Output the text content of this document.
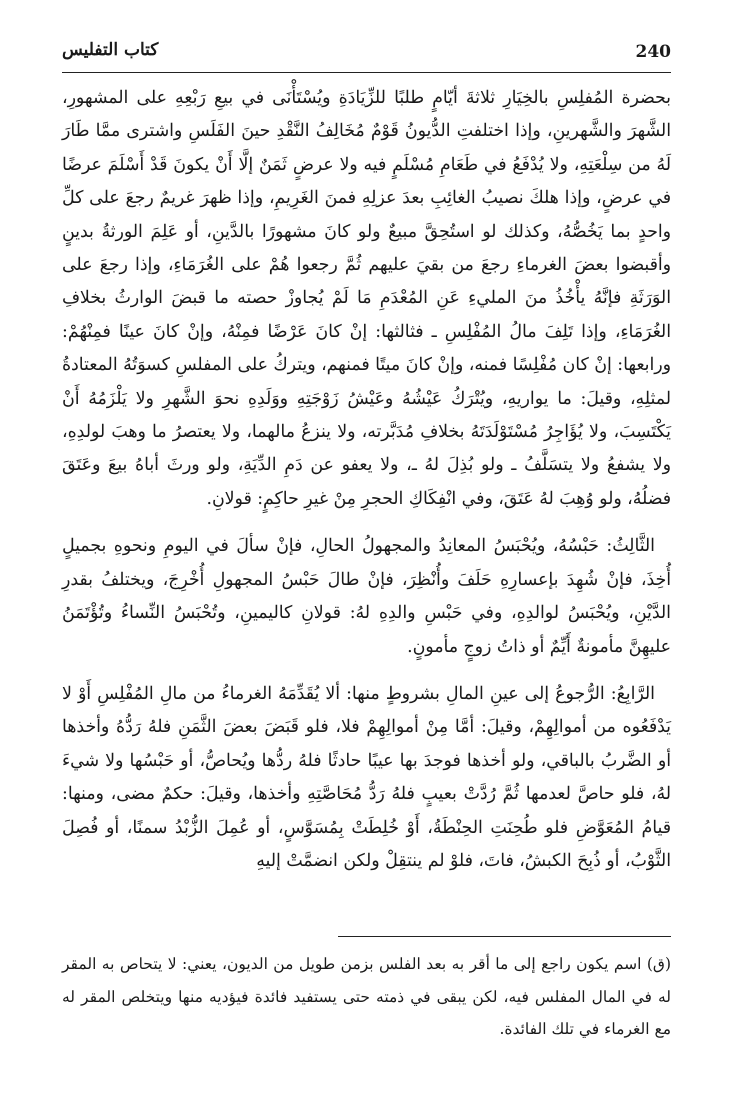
240
كتاب التفليس

بحضرة المُفلِسِ بالخِيَارِ ثلاثةَ أيّامٍ طلبًا للزِّيَادَةِ ويُسْتَأْنَى في بيعِ رَبْعِهِ على المشهورِ، الشَّهرَ والشَّهرينِ، وإذا اختلفتِ الدُّيونُ قَوْمٌ مُخَالِفُ النَّقْدِ حينَ الفَلَسِ واشترى ممَّا طَارَ لَهُ من سِلْعَتِهِ، ولا يُدْفَعُ في طَعَامِ مُسْلَمٍ فيه ولا عرضٍ ثَمَنٌ إلَّا أَنْ يكونَ قَدْ أَسْلَمَ عرضًا في عرضٍ، وإذا هلكَ نصيبُ الغائِبِ بعدَ عزلِهِ فمنَ الغَرِيمِ، وإذا ظهرَ غريمٌ رجعَ على كلِّ واحدٍ بما يَخُصُّهُ، وكذلك لو استُحِقَّ مبيعٌ ولو كانَ مشهورًا بالدَّينِ، أو عَلِمَ الورثةُ بدينٍ وأقبضوا بعضَ الغرماءِ رجعَ من بقيَ عليهم ثُمَّ رجعوا هُمْ على الغُرَمَاءِ، وإذا رجعَ على الوَرَثَةِ فإنَّهُ يأْخُذُ منَ المليءِ عَنِ المُعْدَمِ مَا لَمْ يُجاوزْ حصته ما قبضَ الوارثُ بخلافِ الغُرَمَاءِ، وإذا تَلِفَ مالُ المُفْلِسِ ـ فثالثها: إنْ كانَ عَرْضًا فمِنْهُ، وإنْ كانَ عينًا فمِنْهُمْ: ورابعها: إنْ كان مُفْلِسًا فمنه، وإنْ كانَ ميتًا فمنهم، ويتركُ على المفلسِ كسوَتُهُ المعتادةُ لمثلِهِ، وقيلَ: ما يواريهِ، ويُتْرَكُ عَيْشُهُ وعَيْشُ زَوْجَتِهِ ووَلَدِهِ نحوَ الشَّهرِ ولا يَلْزَمُهُ أَنْ يَكْتَسِبَ، ولا يُؤَاجِرُ مُسْتَوْلَدَتَهُ بخلافِ مُدَبَّرته، ولا ينزعُ مالهما، ولا يعتصرُ ما وهبَ لولدِهِ، ولا يشفعُ ولا يتسَلَّفُ ـ ولو بُذِلَ لهُ ـ، ولا يعفو عن دَمِ الدِّيَةِ، ولو ورثَ أباهُ بيعَ وعَتَقَ فضلُهُ، ولو وُهِبَ لهُ عَتَقَ، وفي انْفِكَاكِ الحجرِ مِنْ غيرِ حاكِمٍ: قولانِ.

الثَّالِثُ: حَبْسُهُ، ويُحْبَسُ المعانِدُ والمجهولُ الحالِ، فإنْ سألَ في اليومِ ونحوهِ بجميلٍ أُخِذَ، فإنْ شُهِدَ بإعسارِهِ حَلَفَ وأُنْظِرَ، فإنْ طالَ حَبْسُ المجهولِ أُخْرِجَ، ويختلفُ بقدرِ الدَّيْنِ، ويُحْبَسُ لوالدِهِ، وفي حَبْسِ والدِهِ لهُ: قولانِ كاليمينِ، وتُحْبَسُ النِّساءُ وتُؤْتَمَنُ عليهِنَّ مأمونةٌ أَيِّمٌ أو ذاتُ زوجٍ مأمونٍ.

الرَّابِعُ: الرُّجوعُ إلى عينِ المالِ بشروطٍ منها: ألا يُقَدِّمَهُ الغرماءُ من مالِ المُفْلِسِ أَوْ لا يَدْفَعُوه من أموالِهِمْ، وقيلَ: أمَّا مِنْ أموالِهِمْ فلا، فلو قَبَضَ بعضَ الثَّمَنِ فلهُ رَدُّهُ وأخذها أو الضَّربُ بالباقي، ولو أخذها فوجدَ بها عيبًا حادثًا فلهُ ردُّها ويُحاصُّ، أو حَبْسُها ولا شيءَ لهُ، فلو حاصَّ لعدمها ثُمَّ رُدَّتْ بعيبٍ فلهُ رَدُّ مُحَاصَّتِهِ وأخذها، وقيلَ: حكمٌ مضى، ومنها: قيامُ المُعَوَّضِ فلو طُحِنَتِ الحِنْطَةُ، أَوْ خُلِطَتْ بِمُسَوَّسٍ، أو عُمِلَ الزُّبْدُ سمنًا، أو فُصِلَ الثَّوْبُ، أو ذُبِحَ الكبشُ، فاتَ، فلوْ لم ينتقِلْ ولكن انضمَّتْ إليهِ

(ق) اسم يكون راجع إلى ما أقر به بعد الفلس بزمن طويل من الديون، يعني: لا يتحاص به المقر له في المال المفلس فيه، لكن يبقى في ذمته حتى يستفيد فائدة فيؤديه منها ويتخلص المقر له مع الغرماء في تلك الفائدة.
